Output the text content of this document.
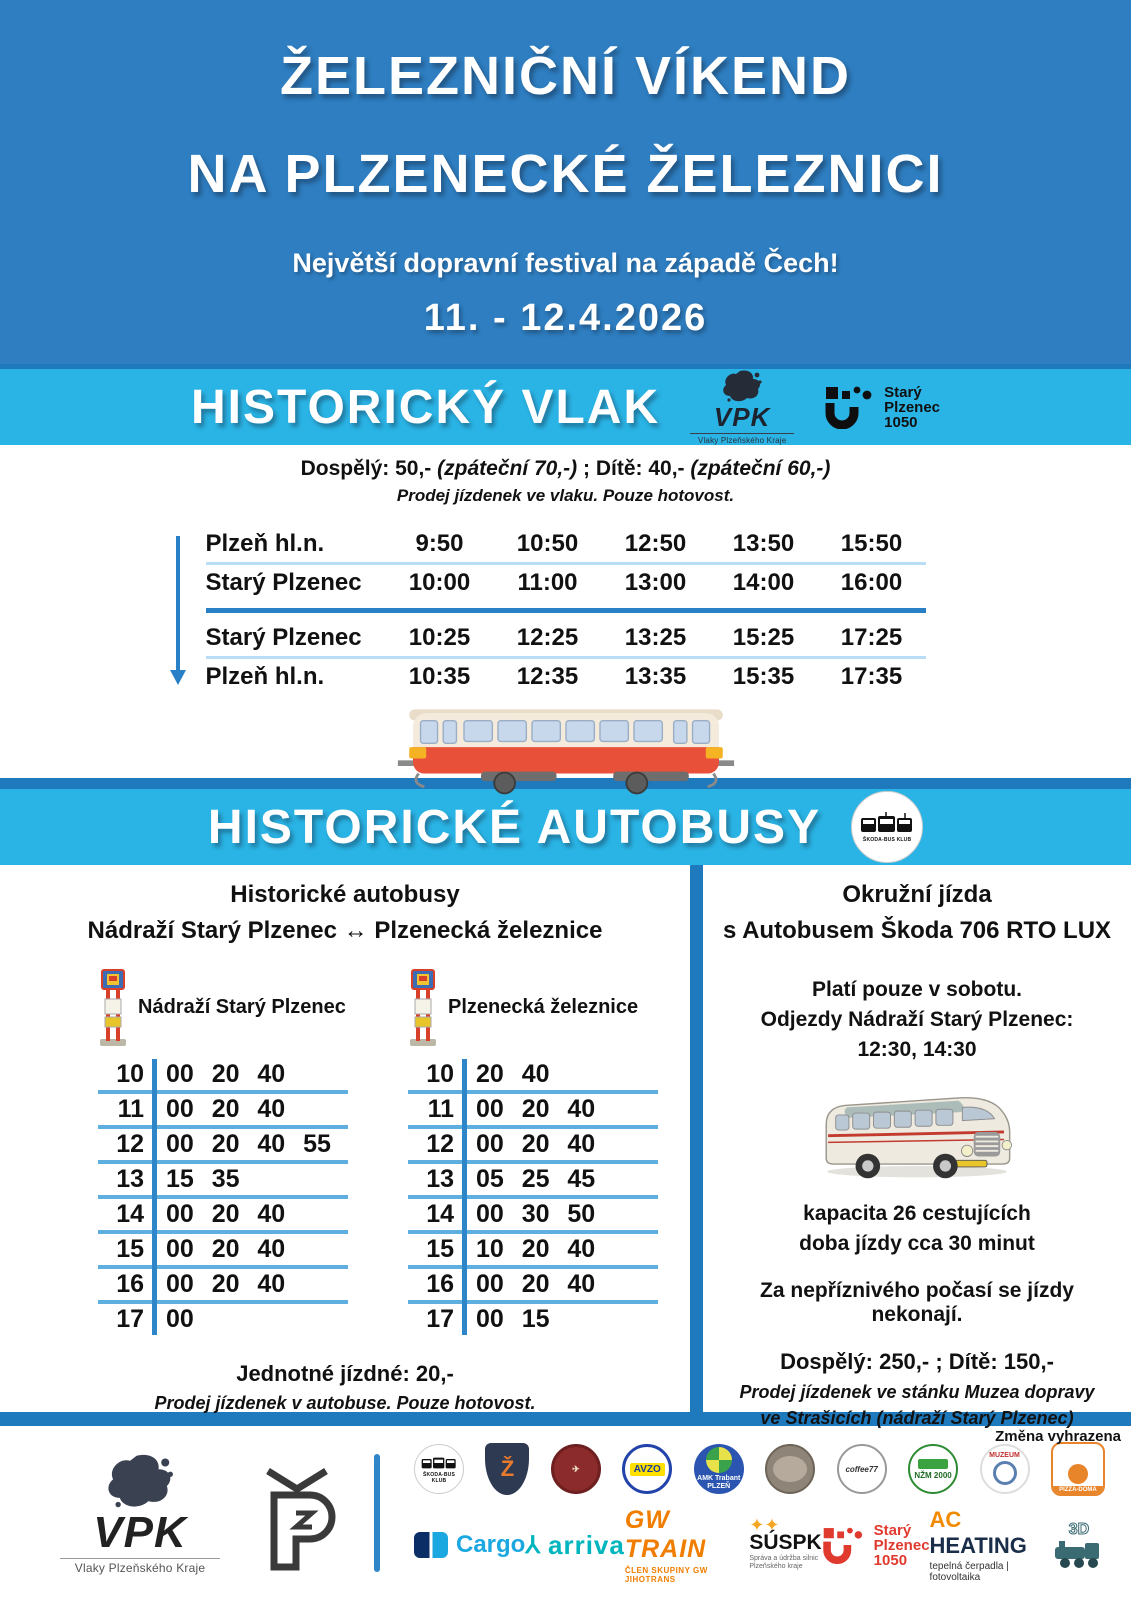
ŽELEZNIČNÍ VÍKEND
NA PLZENECKÉ ŽELEZNICI
Největší dopravní festival na západě Čech!
11. - 12.4.2026
HISTORICKÝ VLAK VPK
Vlaky Plzeňského Kraje
Starý
Plzenec
1050
Dospělý: 50,- (zpáteční 70,-) ; Dítě: 40,- (zpáteční 60,-)
Prodej jízdenek ve vlaku. Pouze hotovost.
Plzeň hl.n.	9:50	10:50	12:50	13:50	15:50
Starý Plzenec	10:00	11:00	13:00	14:00	16:00
Starý Plzenec	10:25	12:25	13:25	15:25	17:25
Plzeň hl.n.	10:35	12:35	13:35	15:35	17:35
HISTORICKÉ AUTOBUSY	ŠKODA-BUS KLUB
Historické autobusy
Nádraží Starý Plzenec ↔ Plzenecká železnice
Nádraží Starý Plzenec	Plzenecká železnice
10 00  20  40
11 00  20  40
12 00  20  40  55
13 15  35
14 00  20  40
15 00  20  40
16 00  20  40
17 00
10 20  40
11 00  20  40
12 00  20  40
13 05  25  45
14 00  30  50
15 10  20  40
16 00  20  40
17 00  15
Jednotné jízdné: 20,-
Prodej jízdenek v autobuse. Pouze hotovost.
Okružní jízda
s Autobusem Škoda 706 RTO LUX
Platí pouze v sobotu.
Odjezdy Nádraží Starý Plzenec:
12:30, 14:30
kapacita 26 cestujících
doba jízdy cca 30 minut
Za nepříznivého počasí se jízdy nekonají.
Dospělý: 250,- ; Dítě: 150,-
Prodej jízdenek ve stánku Muzea dopravy
ve Strašicích (nádraží Starý Plzenec)
Změna vyhrazena
VPK
Vlaky Plzeňského Kraje
ŠKODA-BUS KLUB	Ž	✈	AVZO
AMK Trabant PLZEŇ
coffee77
NŽM 2000
MUZEUM
PIZZA-DOMA
Cargo ⅄ arriva
GW TRAIN
ČLEN SKUPINY GW JIHOTRANS
✦✦
SÚSPK
Správa a údržba silnic
Plzeňského kraje
Starý
Plzenec
1050
AC HEATING
tepelná čerpadla | fotovoltaika
3D
